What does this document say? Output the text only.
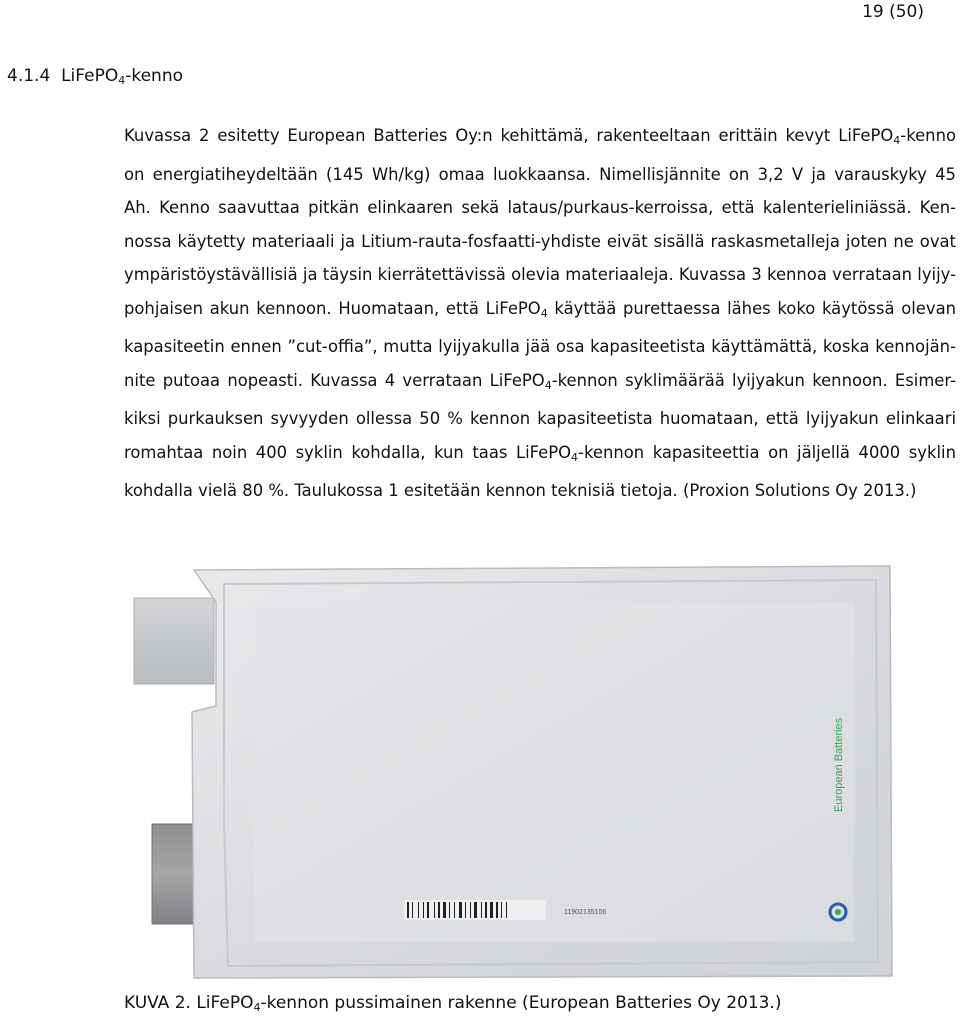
19 (50)
4.1.4 LiFePO$_4$-kenno
Kuvassa 2 esitetty European Batteries Oy:n kehittämä, rakenteeltaan erittäin kevyt LiFePO$_4$-kenno
on energiatiheydeltään (145 Wh/kg) omaa luokkaansa. Nimellisjännite on 3,2 V ja varauskyky 45
Ah. Kenno saavuttaa pitkän elinkaaren sekä lataus/purkaus-kerroissa, että kalenterieliniässä. Ken-
nossa käytetty materiaali ja Litium-rauta-fosfaatti-yhdiste eivät sisällä raskasmetalleja joten ne ovat
ympäristöystävällisiä ja täysin kierrätettävissä olevia materiaaleja. Kuvassa 3 kennoa verrataan lyijy-
pohjaisen akun kennoon. Huomataan, että LiFePO$_4$ käyttää purettaessa lähes koko käytössä olevan
kapasiteetin ennen ”cut-offia”, mutta lyijyakulla jää osa kapasiteetista käyttämättä, koska kennojän-
nite putoaa nopeasti. Kuvassa 4 verrataan LiFePO$_4$-kennon syklimäärää lyijyakun kennoon. Esimer-
kiksi purkauksen syvyyden ollessa 50 % kennon kapasiteetista huomataan, että lyijyakun elinkaari
romahtaa noin 400 syklin kohdalla, kun taas LiFePO$_4$-kennon kapasiteettia on jäljellä 4000 syklin
kohdalla vielä 80 %. Taulukossa 1 esitetään kennon teknisiä tietoja. (Proxion Solutions Oy 2013.)
European Batteries
11902135106
KUVA 2. LiFePO$_4$-kennon pussimainen rakenne (European Batteries Oy 2013.)
